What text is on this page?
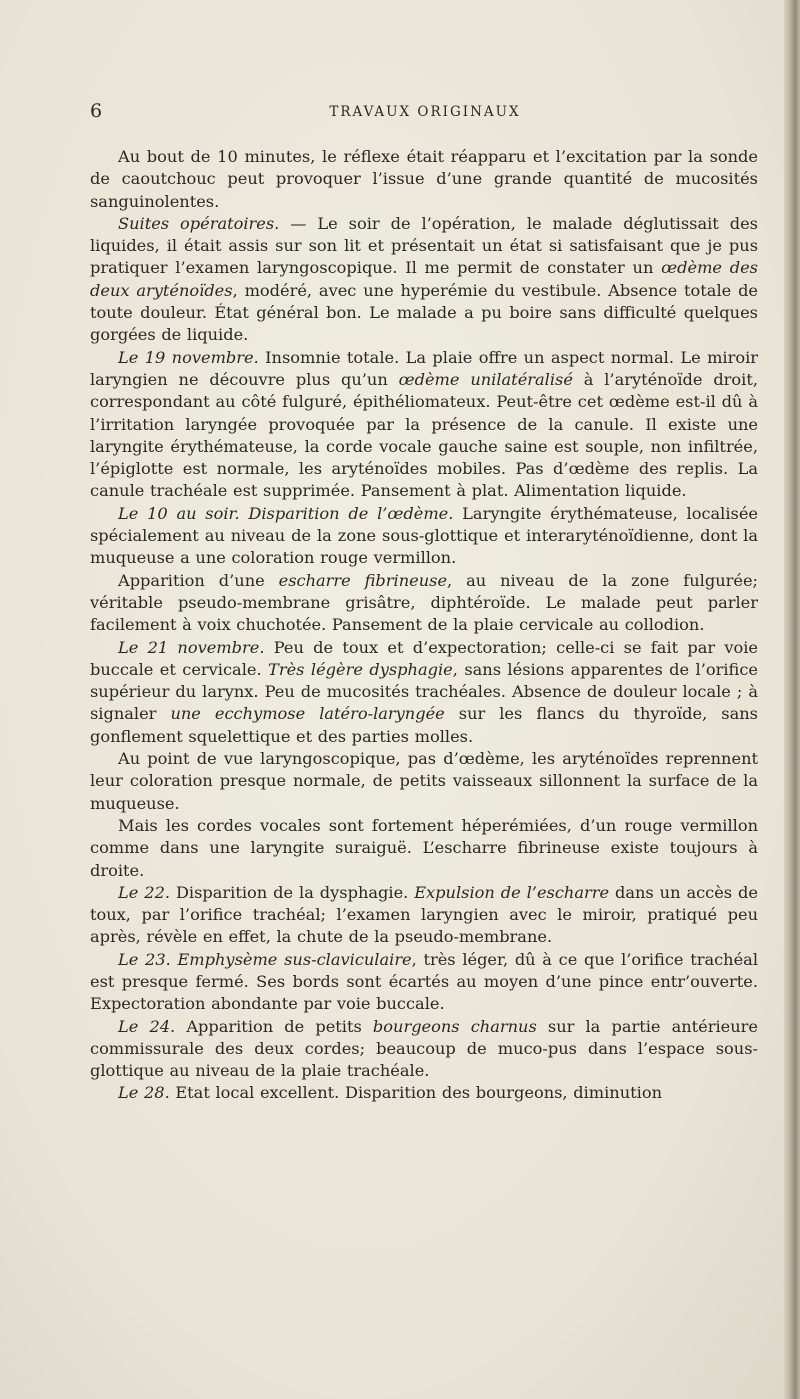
6	TRAVAUX ORIGINAUX

Au bout de 10 minutes, le réflexe était réapparu et l’excitation par la sonde de caoutchouc peut provoquer l’issue d’une grande quantité de mucosités sanguinolentes.

Suites opératoires. — Le soir de l’opération, le malade déglutissait des liquides, il était assis sur son lit et présentait un état si satisfaisant que je pus pratiquer l’examen laryngoscopique. Il me permit de constater un œdème des deux aryténoïdes, modéré, avec une hyperémie du vestibule. Absence totale de toute douleur. État général bon. Le malade a pu boire sans difficulté quelques gorgées de liquide.

Le 19 novembre. Insomnie totale. La plaie offre un aspect normal. Le miroir laryngien ne découvre plus qu’un œdème unilatéralisé à l’aryténoïde droit, correspondant au côté fulguré, épithéliomateux. Peut-être cet œdème est-il dû à l’irritation laryngée provoquée par la présence de la canule. Il existe une laryngite érythémateuse, la corde vocale gauche saine est souple, non infiltrée, l’épiglotte est normale, les aryténoïdes mobiles. Pas d’œdème des replis. La canule trachéale est supprimée. Pansement à plat. Alimentation liquide.

Le 10 au soir. Disparition de l’œdème. Laryngite érythémateuse, localisée spécialement au niveau de la zone sous-glottique et interaryténoïdienne, dont la muqueuse a une coloration rouge vermillon.

Apparition d’une escharre fibrineuse, au niveau de la zone fulgurée; véritable pseudo-membrane grisâtre, diphtéroïde. Le malade peut parler facilement à voix chuchotée. Pansement de la plaie cervicale au collodion.

Le 21 novembre. Peu de toux et d’expectoration; celle-ci se fait par voie buccale et cervicale. Très légère dysphagie, sans lésions apparentes de l’orifice supérieur du larynx. Peu de mucosités trachéales. Absence de douleur locale ; à signaler une ecchymose latéro-laryngée sur les flancs du thyroïde, sans gonflement squelettique et des parties molles.

Au point de vue laryngoscopique, pas d’œdème, les aryténoïdes reprennent leur coloration presque normale, de petits vaisseaux sillonnent la surface de la muqueuse.

Mais les cordes vocales sont fortement héperémiées, d’un rouge vermillon comme dans une laryngite suraiguë. L’escharre fibrineuse existe toujours à droite.

Le 22. Disparition de la dysphagie. Expulsion de l’escharre dans un accès de toux, par l’orifice trachéal; l’examen laryngien avec le miroir, pratiqué peu après, révèle en effet, la chute de la pseudo-membrane.

Le 23. Emphysème sus-claviculaire, très léger, dû à ce que l’orifice trachéal est presque fermé. Ses bords sont écartés au moyen d’une pince entr’ouverte. Expectoration abondante par voie buccale.

Le 24. Apparition de petits bourgeons charnus sur la partie antérieure commissurale des deux cordes; beaucoup de muco-pus dans l’espace sous-glottique au niveau de la plaie trachéale.

Le 28. Etat local excellent. Disparition des bourgeons, diminution
